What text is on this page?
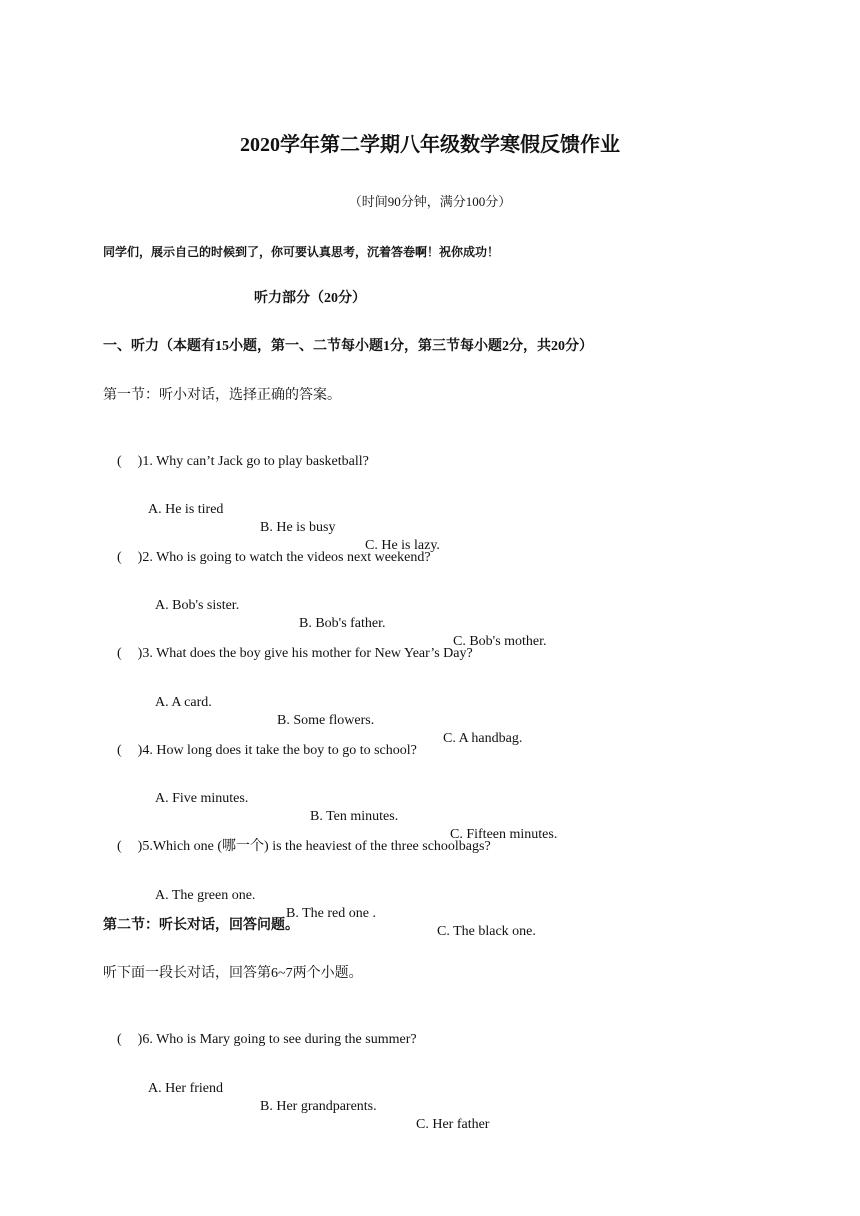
2020学年第二学期八年级数学寒假反馈作业
（时间90分钟，满分100分）
同学们，展示自己的时候到了，你可要认真思考，沉着答卷啊！祝你成功！
听力部分（20分）
一、听力（本题有15小题，第一、二节每小题1分，第三节每小题2分，共20分）
第一节：听小对话，选择正确的答案。

( )1. Why can’t Jack go to play basketball?

A. He is tired

B. He is busy

C. He is lazy.

( )2. Who is going to watch the videos next weekend?

A. Bob's sister.

B. Bob's father.

C. Bob's mother.

( )3. What does the boy give his mother for New Year’s Day?

A. A card.

B. Some flowers.

C. A handbag.

( )4. How long does it take the boy to go to school?

A. Five minutes.

B. Ten minutes.

C. Fifteen minutes.

( )5.Which one (哪一个) is the heaviest of the three schoolbags?

A. The green one.

B. The red one .

C. The black one.

第二节：听长对话，回答问题。
听下面一段长对话，回答第6~7两个小题。

( )6. Who is Mary going to see during the summer?

A. Her friend

B. Her grandparents.

C. Her father
